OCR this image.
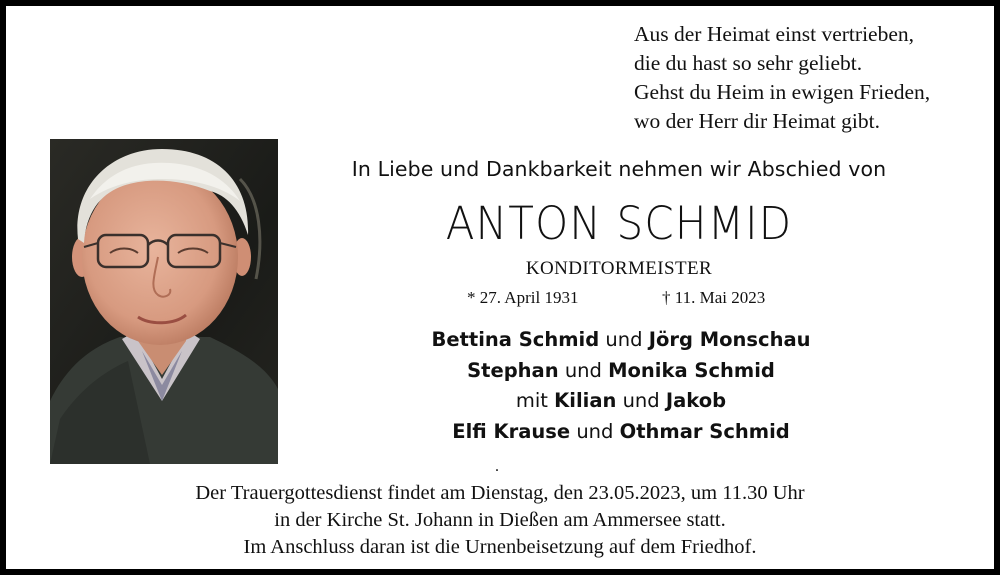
Aus der Heimat einst vertrieben,
die du hast so sehr geliebt.
Gehst du Heim in ewigen Frieden,
wo der Herr dir Heimat gibt.
In Liebe und Dankbarkeit nehmen wir Abschied von
ANTON SCHMID
KONDITORMEISTER
* 27. April 1931	† 11. Mai 2023
Bettina Schmid und Jörg Monschau
Stephan und Monika Schmid
mit Kilian und Jakob
Elfi Krause und Othmar Schmid
.
Der Trauergottesdienst findet am Dienstag, den 23.05.2023, um 11.30 Uhr
in der Kirche St. Johann in Dießen am Ammersee statt.
Im Anschluss daran ist die Urnenbeisetzung auf dem Friedhof.
